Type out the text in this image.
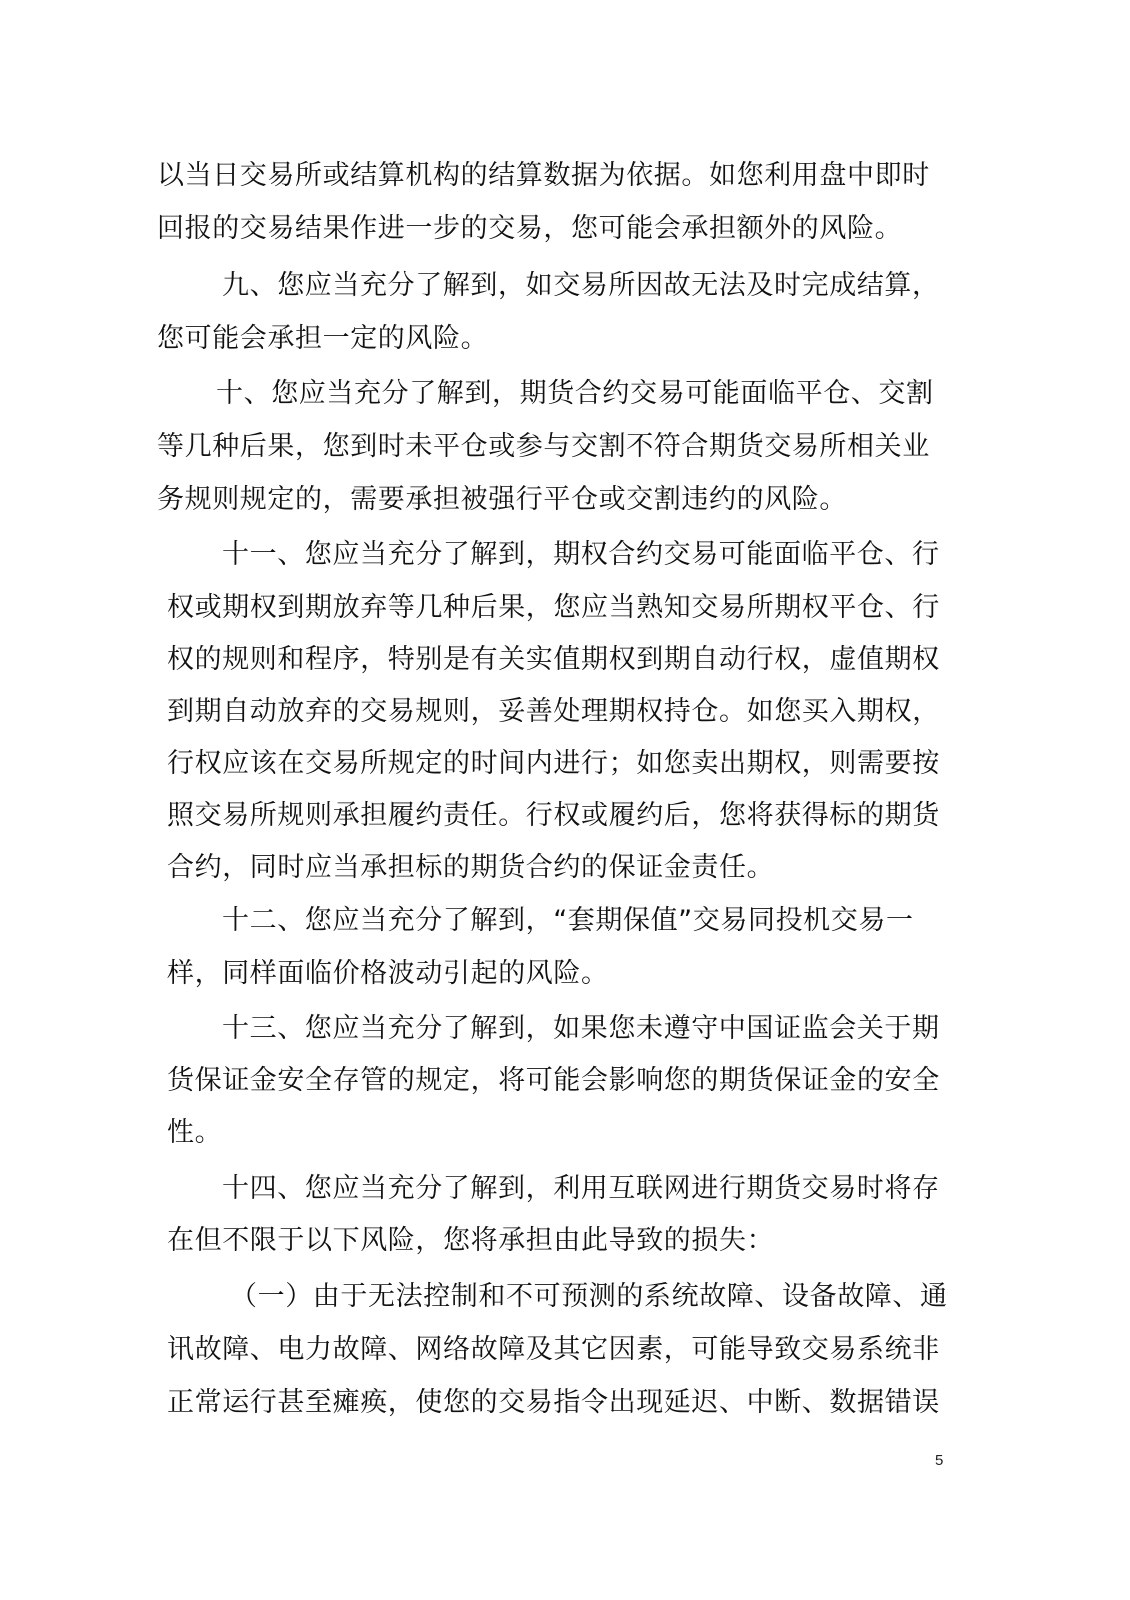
以当日交易所或结算机构的结算数据为依据。如您利用盘中即时
回报的交易结果作进一步的交易，您可能会承担额外的风险。
九、您应当充分了解到，如交易所因故无法及时完成结算，
您可能会承担一定的风险。
十、您应当充分了解到，期货合约交易可能面临平仓、交割
等几种后果，您到时未平仓或参与交割不符合期货交易所相关业
务规则规定的，需要承担被强行平仓或交割违约的风险。
十一、您应当充分了解到，期权合约交易可能面临平仓、行
权或期权到期放弃等几种后果，您应当熟知交易所期权平仓、行
权的规则和程序，特别是有关实值期权到期自动行权，虚值期权
到期自动放弃的交易规则，妥善处理期权持仓。如您买入期权，
行权应该在交易所规定的时间内进行；如您卖出期权，则需要按
照交易所规则承担履约责任。行权或履约后，您将获得标的期货
合约，同时应当承担标的期货合约的保证金责任。
十二、您应当充分了解到，“套期保值”交易同投机交易一
样，同样面临价格波动引起的风险。
十三、您应当充分了解到，如果您未遵守中国证监会关于期
货保证金安全存管的规定，将可能会影响您的期货保证金的安全
性。
十四、您应当充分了解到，利用互联网进行期货交易时将存
在但不限于以下风险，您将承担由此导致的损失：
（一）由于无法控制和不可预测的系统故障、设备故障、通
讯故障、电力故障、网络故障及其它因素，可能导致交易系统非
正常运行甚至瘫痪，使您的交易指令出现延迟、中断、数据错误
5
